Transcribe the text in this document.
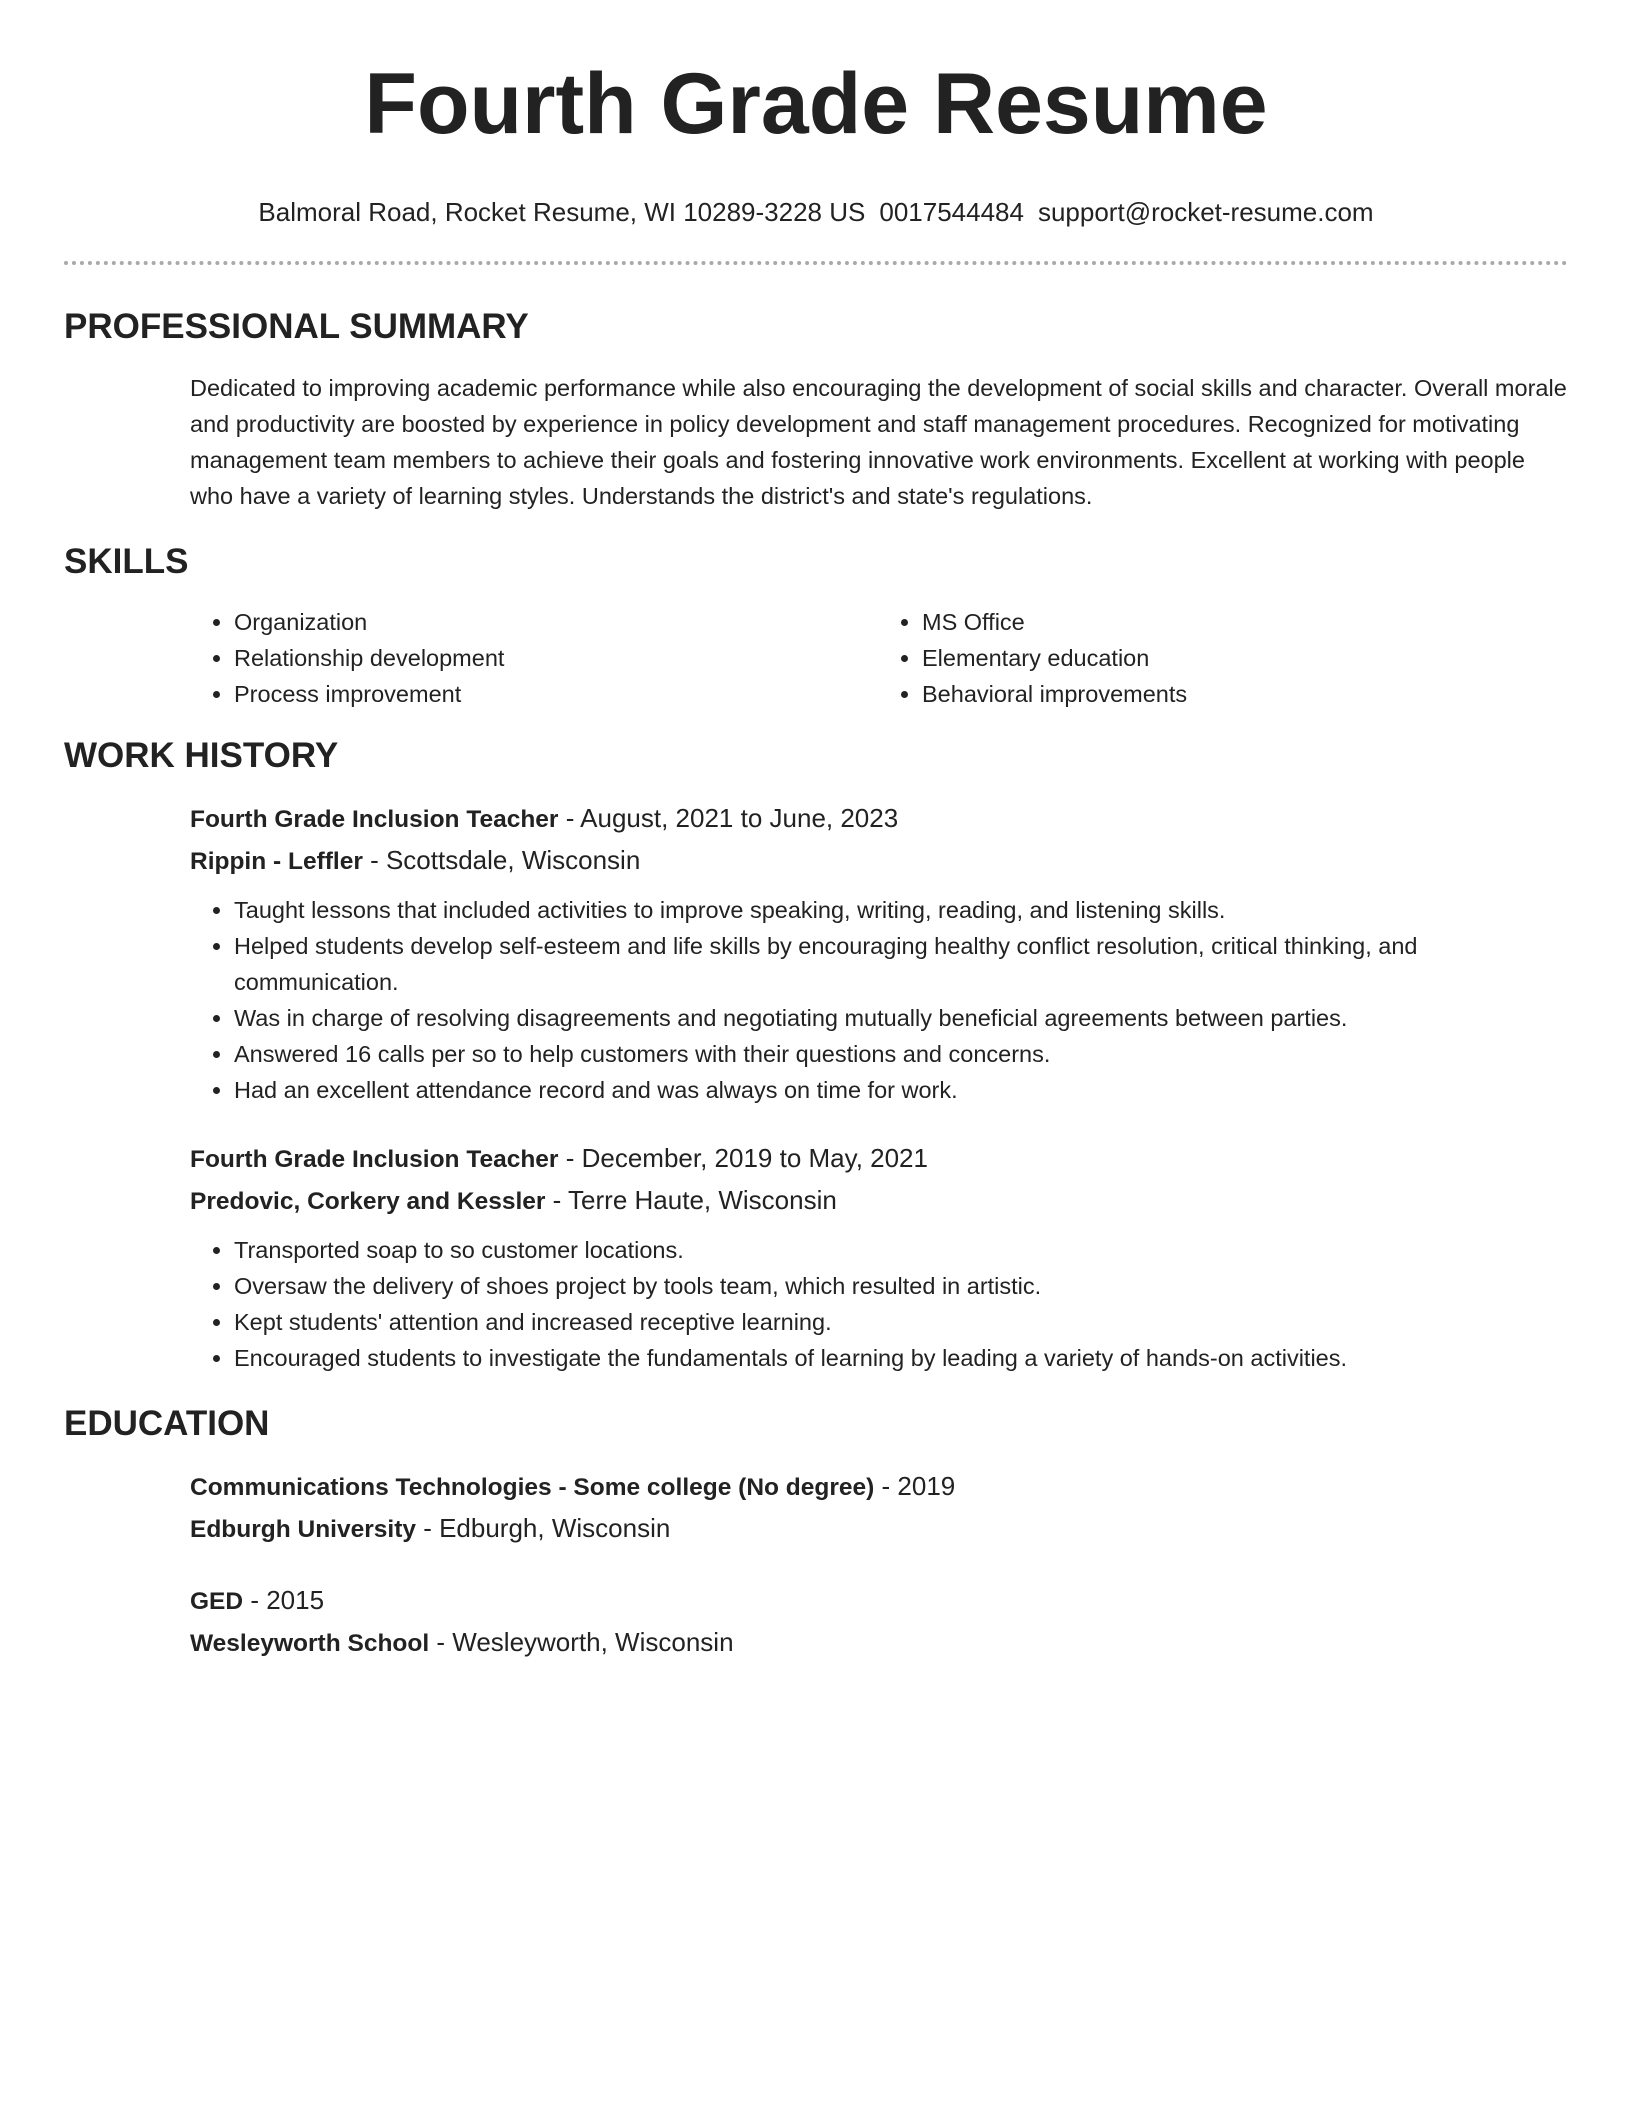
Fourth Grade Resume
Balmoral Road, Rocket Resume, WI 10289-3228 US 0017544484 support@rocket-resume.com
PROFESSIONAL SUMMARY

Dedicated to improving academic performance while also encouraging the development of social skills and character. Overall morale and productivity are boosted by experience in policy development and staff management procedures. Recognized for motivating management team members to achieve their goals and fostering innovative work environments. Excellent at working with people who have a variety of learning styles. Understands the district's and state's regulations.

SKILLS
• Organization
• Relationship development
• Process improvement
• MS Office
• Elementary education
• Behavioral improvements
WORK HISTORY
Fourth Grade Inclusion Teacher - August, 2021 to June, 2023
Rippin - Leffler - Scottsdale, Wisconsin
• Taught lessons that included activities to improve speaking, writing, reading, and listening skills.
• Helped students develop self-esteem and life skills by encouraging healthy conflict resolution, critical thinking, and communication.
• Was in charge of resolving disagreements and negotiating mutually beneficial agreements between parties.
• Answered 16 calls per so to help customers with their questions and concerns.
• Had an excellent attendance record and was always on time for work.
Fourth Grade Inclusion Teacher - December, 2019 to May, 2021
Predovic, Corkery and Kessler - Terre Haute, Wisconsin
• Transported soap to so customer locations.
• Oversaw the delivery of shoes project by tools team, which resulted in artistic.
• Kept students' attention and increased receptive learning.
• Encouraged students to investigate the fundamentals of learning by leading a variety of hands-on activities.
EDUCATION
Communications Technologies - Some college (No degree) - 2019
Edburgh University - Edburgh, Wisconsin
GED - 2015
Wesleyworth School - Wesleyworth, Wisconsin
